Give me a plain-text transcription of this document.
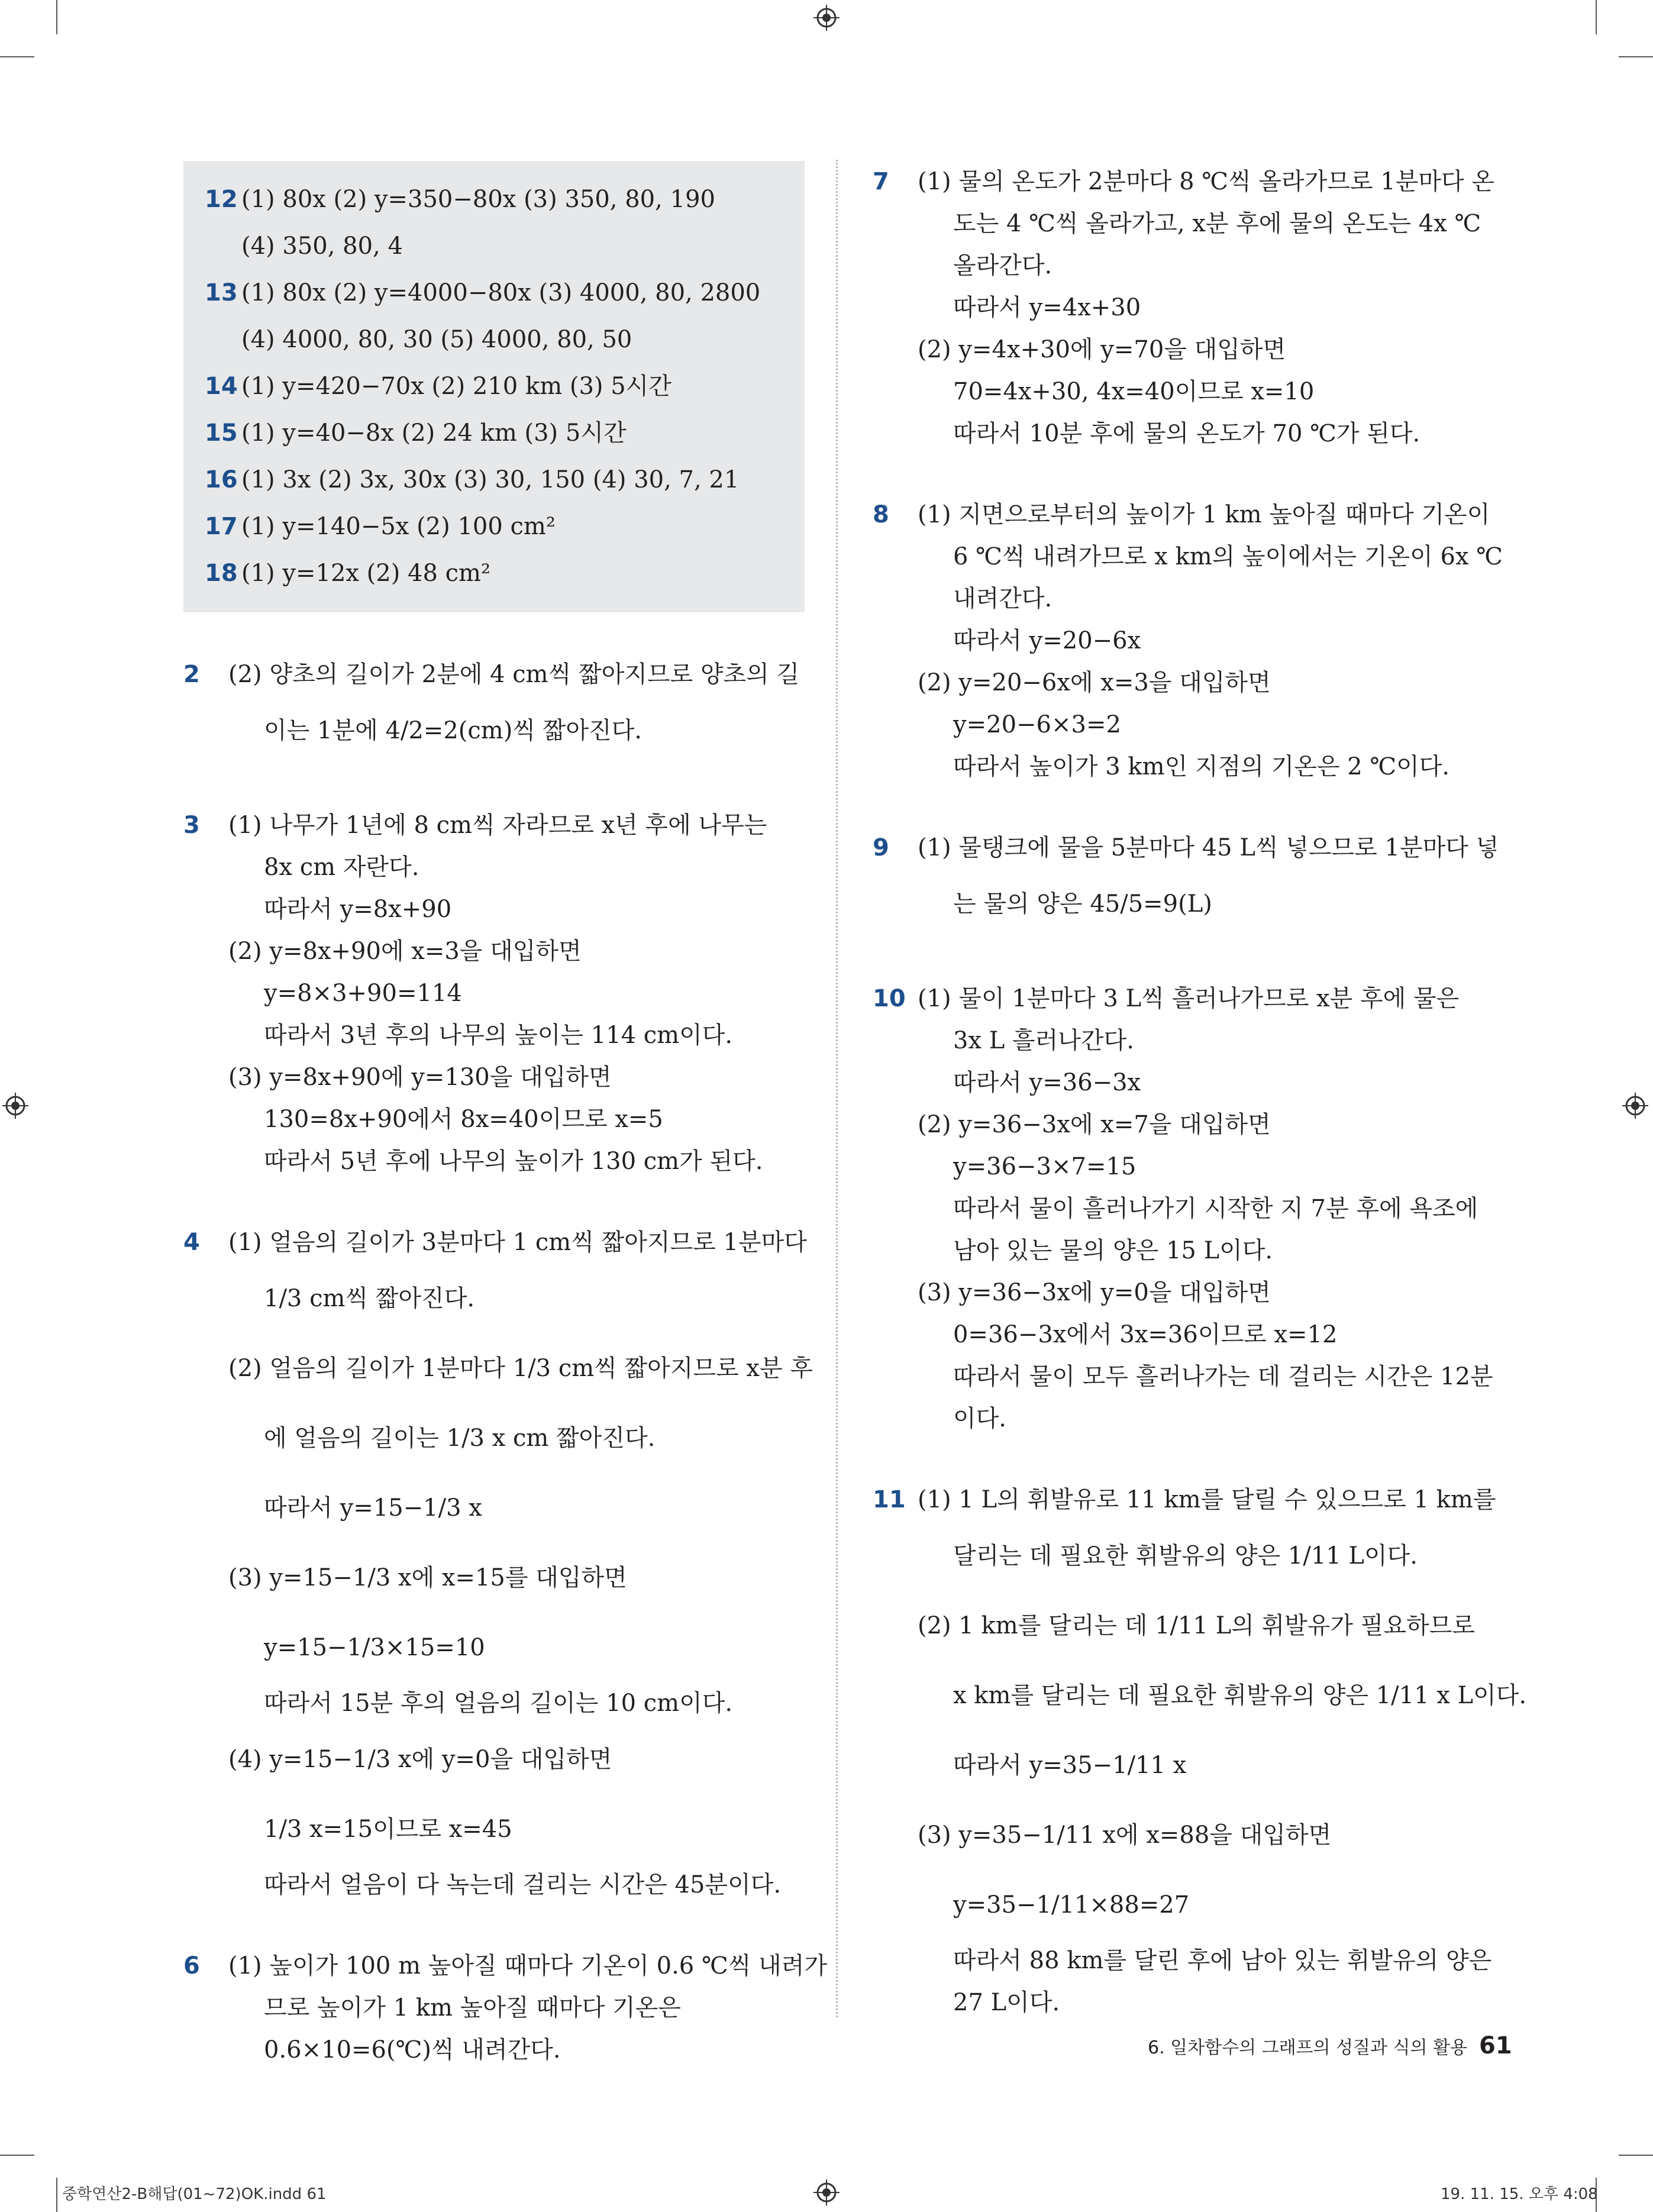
12 (1) 80x (2) y=350−80x (3) 350, 80, 190
(4) 350, 80, 4
13 (1) 80x (2) y=4000−80x (3) 4000, 80, 2800
(4) 4000, 80, 30 (5) 4000, 80, 50
14 (1) y=420−70x (2) 210 km (3) 5시간
15 (1) y=40−8x (2) 24 km (3) 5시간
16 (1) 3x (2) 3x, 30x (3) 30, 150 (4) 30, 7, 21
17 (1) y=140−5x (2) 100 cm²
18 (1) y=12x (2) 48 cm²
2 (2) 양초의 길이가 2분에 4 cm씩 짧아지므로 양초의 길
이는 1분에 4/2=2(cm)씩 짧아진다.
3 (1) 나무가 1년에 8 cm씩 자라므로 x년 후에 나무는
8x cm 자란다.
따라서 y=8x+90
(2) y=8x+90에 x=3을 대입하면
y=8×3+90=114
따라서 3년 후의 나무의 높이는 114 cm이다.
(3) y=8x+90에 y=130을 대입하면
130=8x+90에서 8x=40이므로 x=5
따라서 5년 후에 나무의 높이가 130 cm가 된다.
4 (1) 얼음의 길이가 3분마다 1 cm씩 짧아지므로 1분마다
1/3 cm씩 짧아진다.
(2) 얼음의 길이가 1분마다 1/3 cm씩 짧아지므로 x분 후
에 얼음의 길이는 1/3 x cm 짧아진다.
따라서 y=15−1/3 x
(3) y=15−1/3 x에 x=15를 대입하면
y=15−1/3×15=10
따라서 15분 후의 얼음의 길이는 10 cm이다.
(4) y=15−1/3 x에 y=0을 대입하면
1/3 x=15이므로 x=45
따라서 얼음이 다 녹는데 걸리는 시간은 45분이다.
6 (1) 높이가 100 m 높아질 때마다 기온이 0.6 ℃씩 내려가
므로 높이가 1 km 높아질 때마다 기온은
0.6×10=6(℃)씩 내려간다.
7 (1) 물의 온도가 2분마다 8 ℃씩 올라가므로 1분마다 온
도는 4 ℃씩 올라가고, x분 후에 물의 온도는 4x ℃
올라간다.
따라서 y=4x+30
(2) y=4x+30에 y=70을 대입하면
70=4x+30, 4x=40이므로 x=10
따라서 10분 후에 물의 온도가 70 ℃가 된다.
8 (1) 지면으로부터의 높이가 1 km 높아질 때마다 기온이
6 ℃씩 내려가므로 x km의 높이에서는 기온이 6x ℃
내려간다.
따라서 y=20−6x
(2) y=20−6x에 x=3을 대입하면
y=20−6×3=2
따라서 높이가 3 km인 지점의 기온은 2 ℃이다.
9 (1) 물탱크에 물을 5분마다 45 L씩 넣으므로 1분마다 넣
는 물의 양은 45/5=9(L)
10 (1) 물이 1분마다 3 L씩 흘러나가므로 x분 후에 물은
3x L 흘러나간다.
따라서 y=36−3x
(2) y=36−3x에 x=7을 대입하면
y=36−3×7=15
따라서 물이 흘러나가기 시작한 지 7분 후에 욕조에
남아 있는 물의 양은 15 L이다.
(3) y=36−3x에 y=0을 대입하면
0=36−3x에서 3x=36이므로 x=12
따라서 물이 모두 흘러나가는 데 걸리는 시간은 12분
이다.
11 (1) 1 L의 휘발유로 11 km를 달릴 수 있으므로 1 km를
달리는 데 필요한 휘발유의 양은 1/11 L이다.
(2) 1 km를 달리는 데 1/11 L의 휘발유가 필요하므로
x km를 달리는 데 필요한 휘발유의 양은 1/11 x L이다.
따라서 y=35−1/11 x
(3) y=35−1/11 x에 x=88을 대입하면
y=35−1/11×88=27
따라서 88 km를 달린 후에 남아 있는 휘발유의 양은
27 L이다.
6. 일차함수의 그래프의 성질과 식의 활용 61
중학연산2-B해답(01~72)OK.indd 61	19. 11. 15. 오후 4:08
